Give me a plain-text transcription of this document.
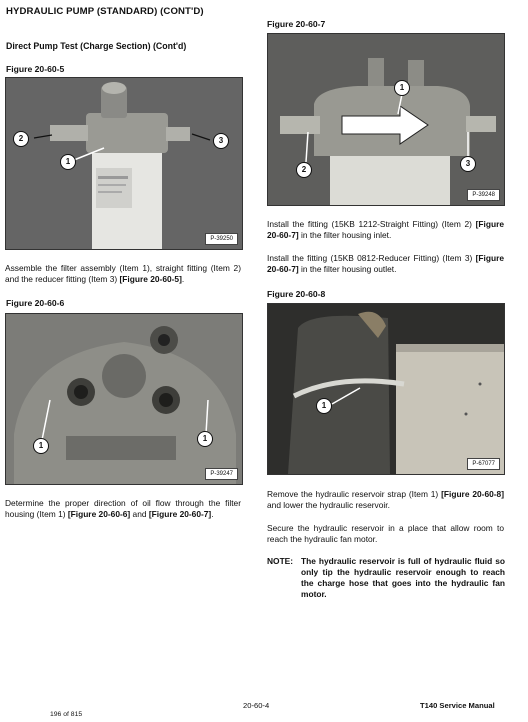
HYDRAULIC PUMP (STANDARD) (CONT'D)
Direct Pump Test (Charge Section) (Cont'd)
Figure 20-60-5
2
1
3
P-39250
Assemble the filter assembly (Item 1), straight fitting (Item 2) and the reducer fitting (Item 3) [Figure 20-60-5].
Figure 20-60-6
1
1
P-39247
Determine the proper direction of oil flow through the filter housing (Item 1) [Figure 20-60-6] and [Figure 20-60-7].
Figure 20-60-7
1
2
3
P-39248
Install the fitting (15KB 1212-Straight Fitting) (Item 2) [Figure 20-60-7] in the filter housing inlet.
Install the fitting (15KB 0812-Reducer Fitting) (Item 3) [Figure 20-60-7] in the filter housing outlet.
Figure 20-60-8
1
P-67077
Remove the hydraulic reservoir strap (Item 1) [Figure 20-60-8] and lower the hydraulic reservoir.
Secure the hydraulic reservoir in a place that allow room to reach the hydraulic fan motor.
NOTE: The hydraulic reservoir is full of hydraulic fluid so only tip the hydraulic reservoir enough to reach the charge hose that goes into the hydraulic fan motor.
20-60-4	T140 Service Manual
196 of 815
